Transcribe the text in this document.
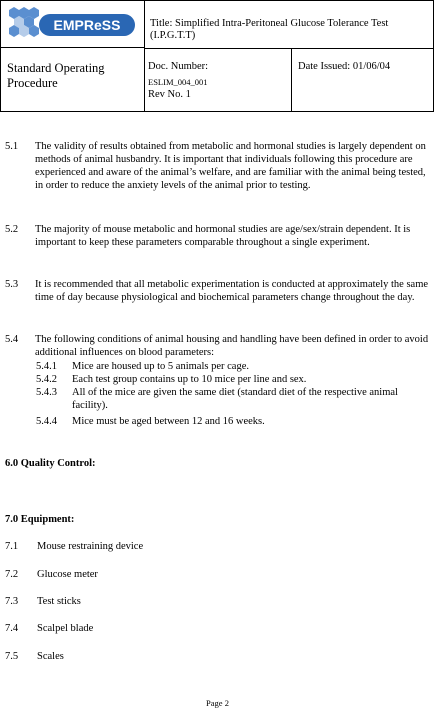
EMPReSS	Title: Simplified Intra-Peritoneal Glucose Tolerance Test (I.P.G.T.T)
Standard Operating Procedure
Doc. Number:
ESLIM_004_001
Rev No. 1
Date Issued: 01/06/04
5.1 The validity of results obtained from metabolic and hormonal studies is largely dependent on methods of animal husbandry. It is important that individuals following this procedure are experienced and aware of the animal’s welfare, and are familiar with the animal being tested, in order to reduce the anxiety levels of the animal prior to testing.
5.2 The majority of mouse metabolic and hormonal studies are age/sex/strain dependent. It is important to keep these parameters comparable throughout a single experiment.
5.3 It is recommended that all metabolic experimentation is conducted at approximately the same time of day because physiological and biochemical parameters change throughout the day.
5.4 The following conditions of animal housing and handling have been defined in order to avoid additional influences on blood parameters:
5.4.1 Mice are housed up to 5 animals per cage.
5.4.2 Each test group contains up to 10 mice per line and sex.
5.4.3 All of the mice are given the same diet (standard diet of the respective animal facility).
5.4.4 Mice must be aged between 12 and 16 weeks.
6.0 Quality Control:
7.0 Equipment:
7.1 Mouse restraining device
7.2 Glucose meter
7.3 Test sticks
7.4 Scalpel blade
7.5 Scales
Page 2
